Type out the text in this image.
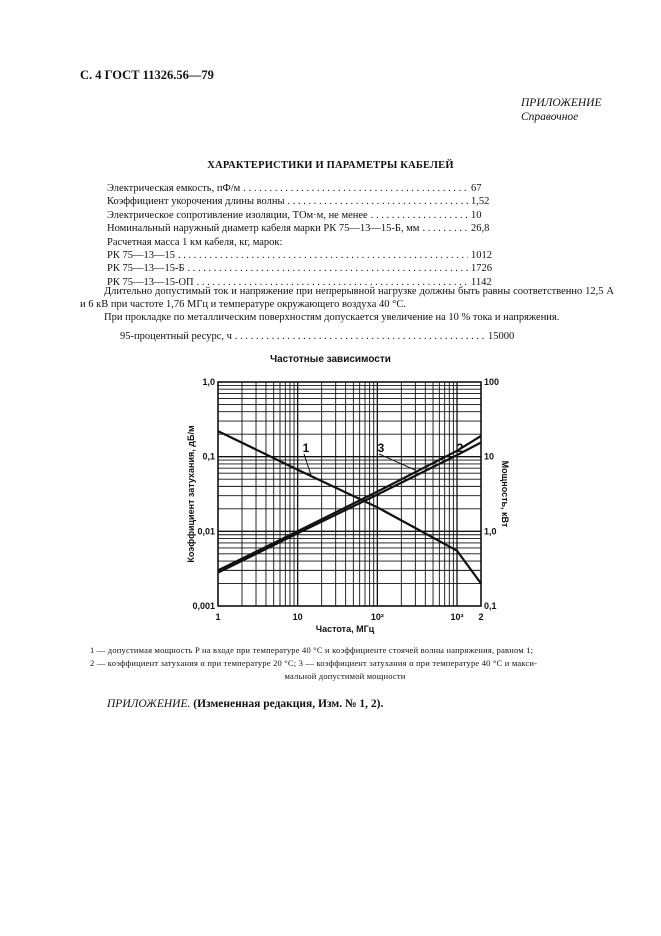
С. 4 ГОСТ 11326.56—79
ПРИЛОЖЕНИЕ
Справочное
ХАРАКТЕРИСТИКИ И ПАРАМЕТРЫ КАБЕЛЕЙ
Электрическая емкость, пФ/м . . .	67
Коэффициент укорочения длины волны . . .	1,52
Электрическое сопротивление изоляции, ТОм·м, не менее . . .	10
Номинальный наружный диаметр кабеля марки РК 75—13—15-Б, мм . . .	26,8
Расчетная масса 1 км кабеля, кг, марок:
РК 75—13—15 . . .	1012
РК 75—13—15-Б . . .	1726
РК 75—13—15-ОП . . .	1142
Длительно допустимый ток и напряжение при непрерывной нагрузке должны быть равны соответственно 12,5 А и 6 кВ при частоте 1,76 МГц и температуре окружающего воздуха 40 °С.
При прокладке по металлическим поверхностям допускается увеличение на 10 % тока и напряжения.
95-процентный ресурс, ч . . .	15000
Частотные зависимости
1	2
3
1	10	10²	10³ 2
0,001
0,01
0,1
1,0
0,1
1,0
10
100
Частота, МГц
Коэффициент затухания, дБ/м	Мощность, кВт
1 — допустимая мощность P на входе при температуре 40 °С и коэффициенте стоячей волны напряжения, равном 1;
2 — коэффициент затухания α при температуре 20 °С; 3 — коэффициент затухания α при температуре 40 °С и макси-
мальной допустимой мощности
ПРИЛОЖЕНИЕ. (Измененная редакция, Изм. № 1, 2).
